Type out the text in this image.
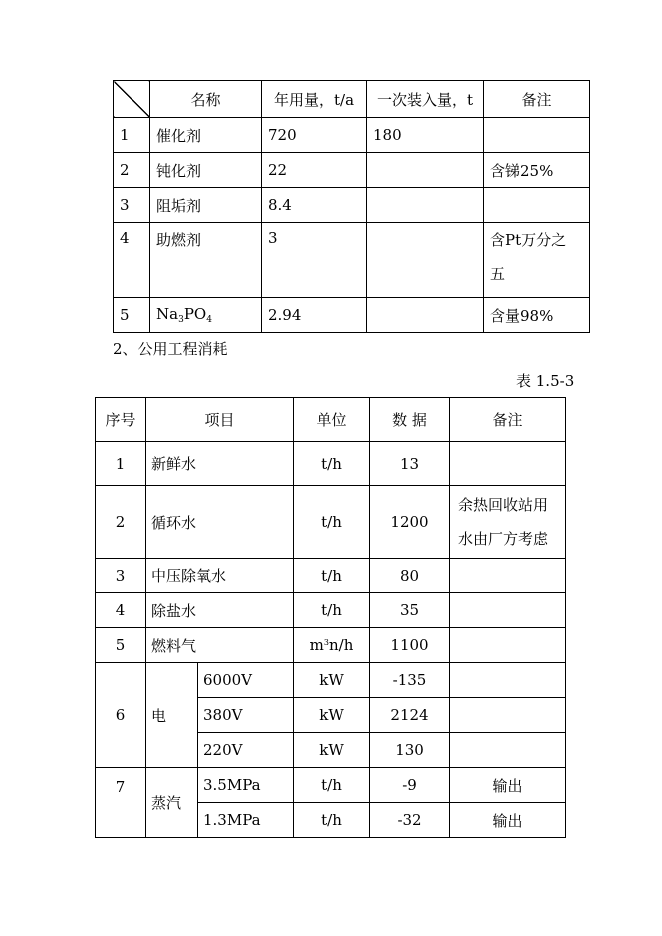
	名称	年用量，t/a	一次装入量，t	备注
1	催化剂	720	180	
2	钝化剂	22		含锑25%
3	阻垢剂	8.4		
4	助燃剂	3		含Pt万分之
五

5	$Na_3PO_4$	2.94		含量98%
2、公用工程消耗
表 1.5-3
序号	项目		单位	数 据	备注
1	新鲜水		t/h	13	
2	循环水		t/h	1200	余热回收站用
水由厂方考虑
3	中压除氧水		t/h	80	
4	除盐水		t/h	35	
5	燃料气		$m^3n/h$	1100	
6	电	6000V	kW	-135	
		380V	kW	2124	
		220V	kW	130	
7	蒸汽	3.5MPa	t/h	-9	输出
		1.3MPa	t/h	-32	输出
